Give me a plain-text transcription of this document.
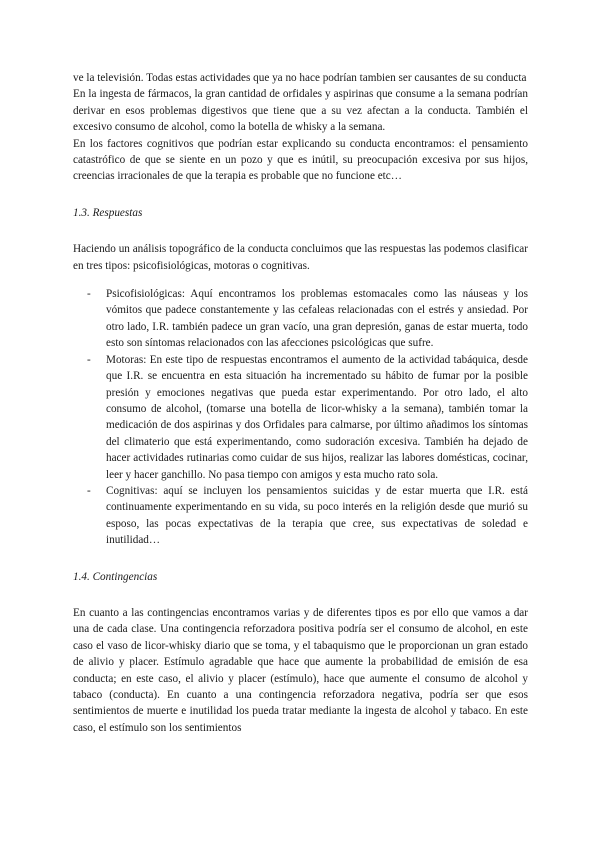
ve la televisión. Todas estas actividades que ya no hace podrían tambien ser causantes de su conducta

En la ingesta de fármacos, la gran cantidad de orfidales y aspirinas que consume a la semana podrían derivar en esos problemas digestivos que tiene que a su vez afectan a la conducta. También el excesivo consumo de alcohol, como la botella de whisky a la semana.

En los factores cognitivos que podrían estar explicando su conducta encontramos: el pensamiento catastrófico de que se siente en un pozo y que es inútil, su preocupación excesiva por sus hijos, creencias irracionales de que la terapia es probable que no funcione etc…

1.3. Respuestas

Haciendo un análisis topográfico de la conducta concluimos que las respuestas las podemos clasificar en tres tipos: psicofisiológicas, motoras o cognitivas.

- Psicofisiológicas: Aquí encontramos los problemas estomacales como las náuseas y los vómitos que padece constantemente y las cefaleas relacionadas con el estrés y ansiedad. Por otro lado, I.R. también padece un gran vacío, una gran depresión, ganas de estar muerta, todo esto son síntomas relacionados con las afecciones psicológicas que sufre.
- Motoras: En este tipo de respuestas encontramos el aumento de la actividad tabáquica, desde que I.R. se encuentra en esta situación ha incrementado su hábito de fumar por la posible presión y emociones negativas que pueda estar experimentando. Por otro lado, el alto consumo de alcohol, (tomarse una botella de licor-whisky a la semana), también tomar la medicación de dos aspirinas y dos Orfidales para calmarse, por último añadimos los síntomas del climaterio que está experimentando, como sudoración excesiva. También ha dejado de hacer actividades rutinarias como cuidar de sus hijos, realizar las labores domésticas, cocinar, leer y hacer ganchillo. No pasa tiempo con amigos y esta mucho rato sola.
- Cognitivas: aquí se incluyen los pensamientos suicidas y de estar muerta que I.R. está continuamente experimentando en su vida, su poco interés en la religión desde que murió su esposo, las pocas expectativas de la terapia que cree, sus expectativas de soledad e inutilidad…

1.4. Contingencias

En cuanto a las contingencias encontramos varias y de diferentes tipos es por ello que vamos a dar una de cada clase. Una contingencia reforzadora positiva podría ser el consumo de alcohol, en este caso el vaso de licor-whisky diario que se toma, y el tabaquismo que le proporcionan un gran estado de alivio y placer. Estímulo agradable que hace que aumente la probabilidad de emisión de esa conducta; en este caso, el alivio y placer (estímulo), hace que aumente el consumo de alcohol y tabaco (conducta). En cuanto a una contingencia reforzadora negativa, podría ser que esos sentimientos de muerte e inutilidad los pueda tratar mediante la ingesta de alcohol y tabaco. En este caso, el estímulo son los sentimientos
